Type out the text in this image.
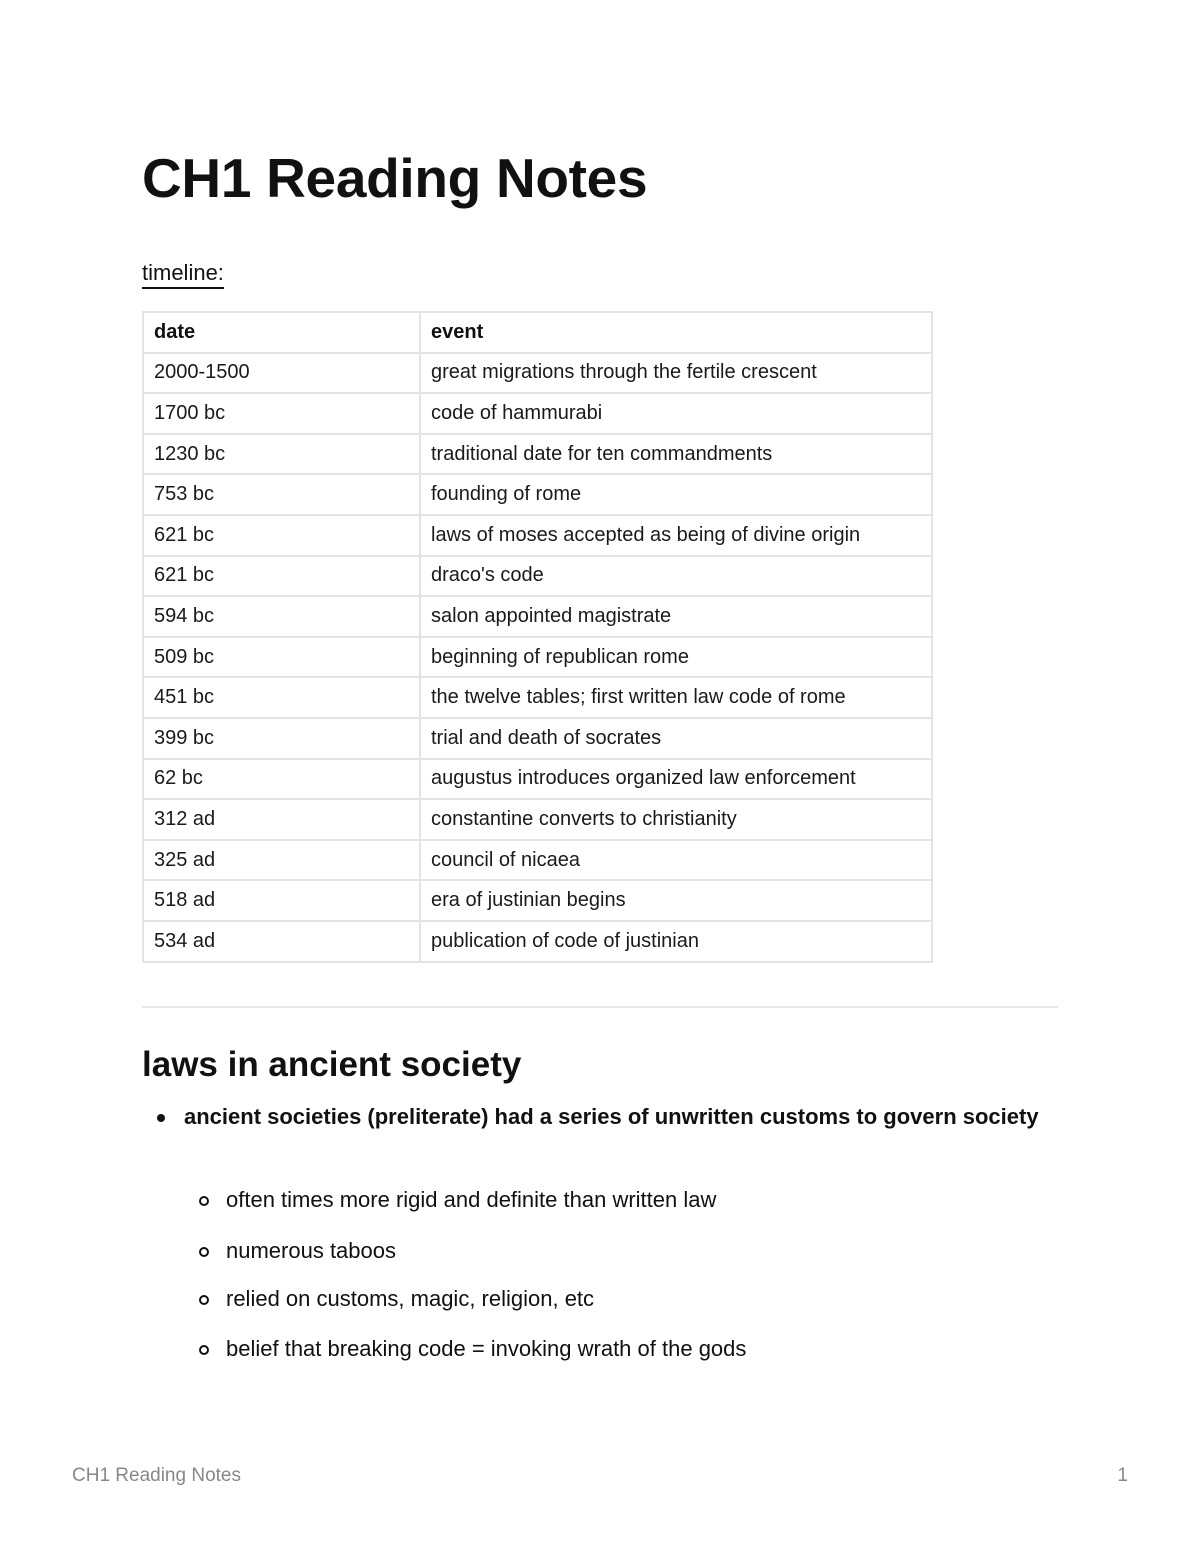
CH1 Reading Notes
timeline:
date	event
2000-1500	great migrations through the fertile crescent
1700 bc	code of hammurabi
1230 bc	traditional date for ten commandments
753 bc	founding of rome
621 bc	laws of moses accepted as being of divine origin
621 bc	draco's code
594 bc	salon appointed magistrate
509 bc	beginning of republican rome
451 bc	the twelve tables; first written law code of rome
399 bc	trial and death of socrates
62 bc	augustus introduces organized law enforcement
312 ad	constantine converts to christianity
325 ad	council of nicaea
518 ad	era of justinian begins
534 ad	publication of code of justinian
laws in ancient society
ancient societies (preliterate) had a series of unwritten customs to govern society
often times more rigid and definite than written law
numerous taboos
relied on customs, magic, religion, etc
belief that breaking code = invoking wrath of the gods
CH1 Reading Notes	1
